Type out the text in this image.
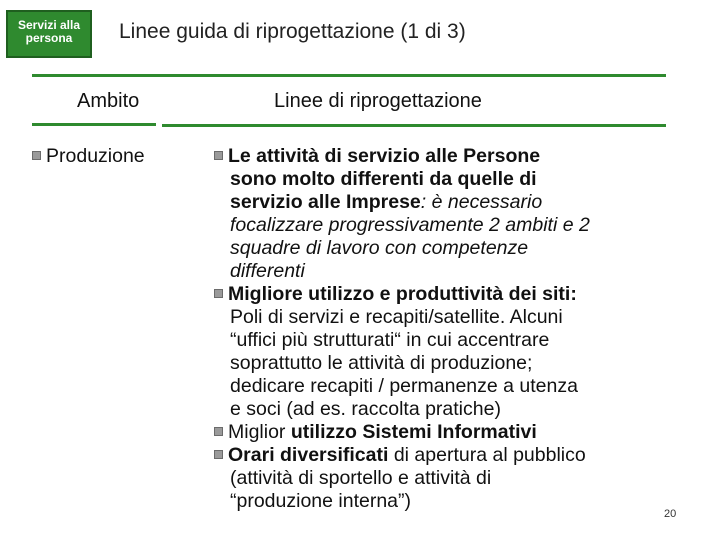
Servizi alla
persona	Linee guida di riprogettazione (1 di 3)
Ambito	Linee di riprogettazione
Produzione	Le attività di servizio alle Persone
sono molto differenti da quelle di
servizio alle Imprese: è necessario
focalizzare progressivamente 2 ambiti e 2
squadre di lavoro con competenze
differenti
Migliore utilizzo e produttività dei siti:
Poli di servizi e recapiti/satellite. Alcuni
“uffici più strutturati“ in cui accentrare
soprattutto le attività di produzione;
dedicare recapiti / permanenze a utenza
e soci (ad es. raccolta pratiche)
Miglior utilizzo Sistemi Informativi
Orari diversificati di apertura al pubblico
(attività di sportello e attività di
“produzione interna”)
20
